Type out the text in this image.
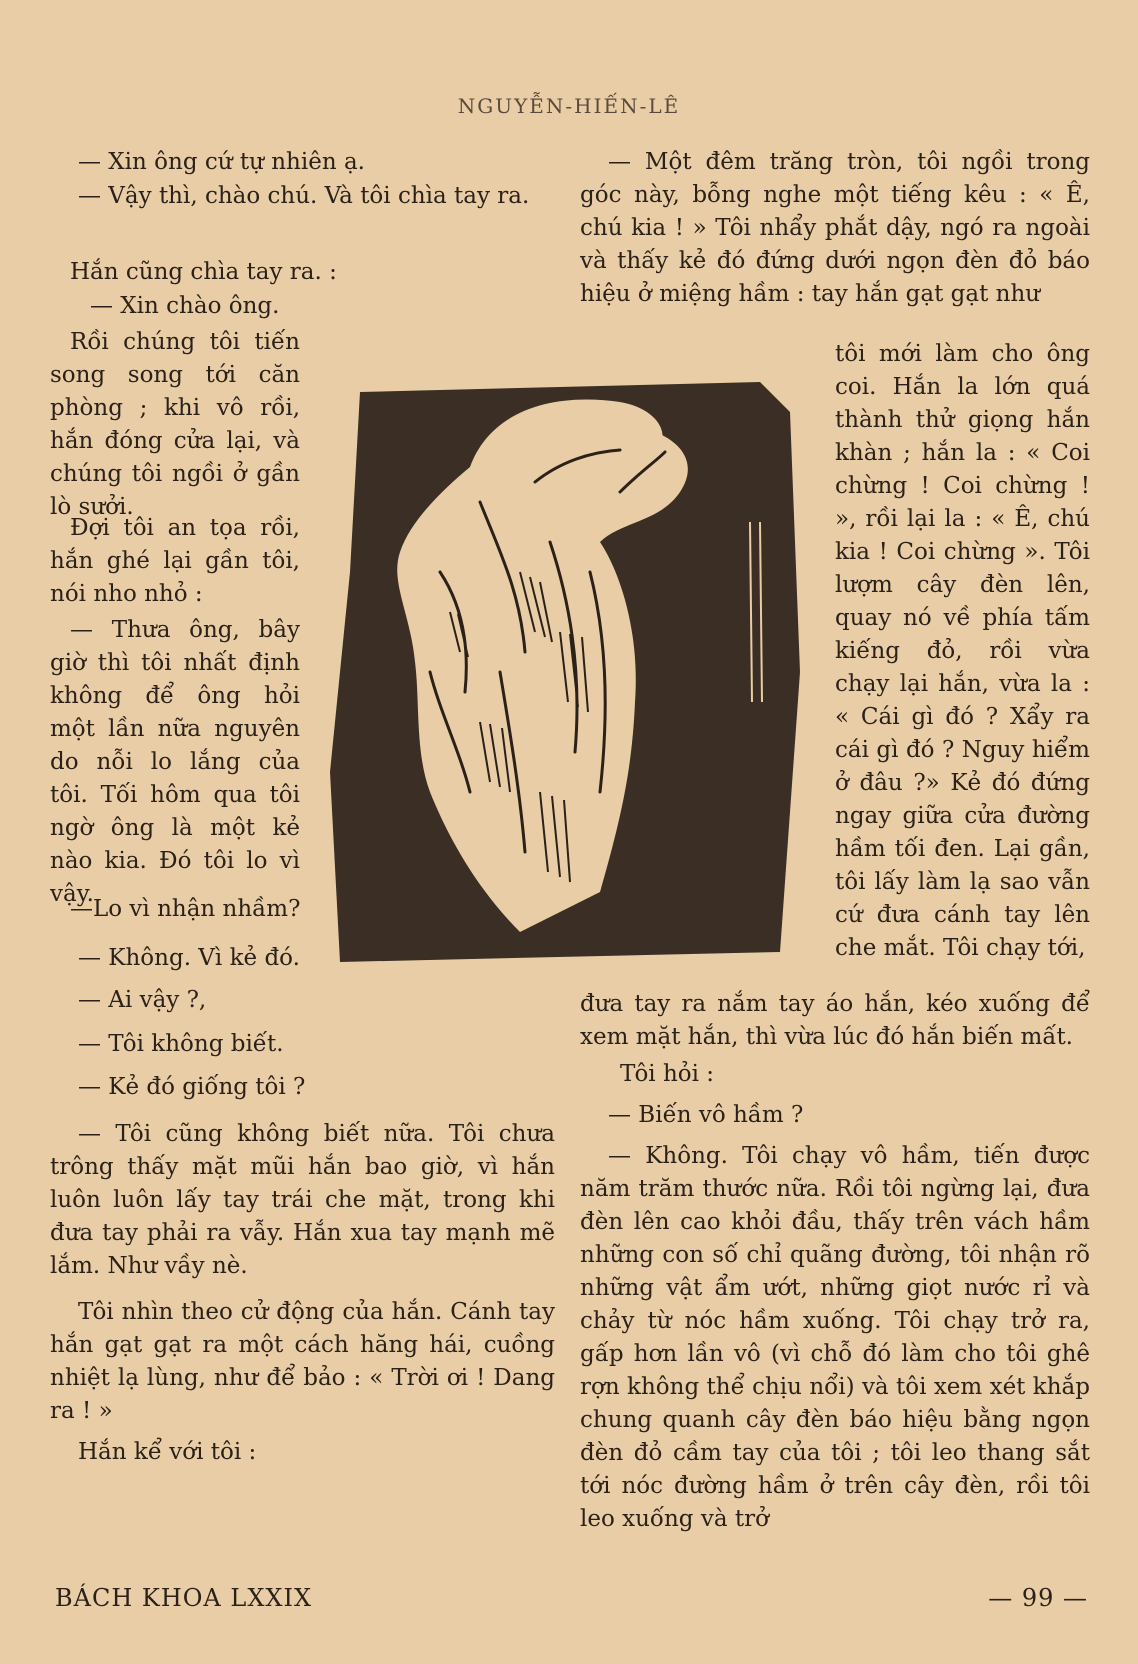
NGUYỄN-HIẾN-LÊ

— Xin ông cứ tự nhiên ạ.

— Vậy thì, chào chú. Và tôi chìa tay ra.

Hắn cũng chìa tay ra. :

— Xin chào ông.

Rồi chúng tôi tiến song song tới căn phòng ; khi vô rồi, hắn đóng cửa lại, và chúng tôi ngồi ở gần lò sưởi.

Đợi tôi an tọa rồi, hắn ghé lại gần tôi, nói nho nhỏ :

— Thưa ông, bây giờ thì tôi nhất định không để ông hỏi một lần nữa nguyên do nỗi lo lắng của tôi. Tối hôm qua tôi ngờ ông là một kẻ nào kia. Đó tôi lo vì vậy.

—Lo vì nhận nhầm?

— Không. Vì kẻ đó.

— Ai vậy ?,

— Tôi không biết.

— Kẻ đó giống tôi ?

— Tôi cũng không biết nữa. Tôi chưa trông thấy mặt mũi hắn bao giờ, vì hắn luôn luôn lấy tay trái che mặt, trong khi đưa tay phải ra vẫy. Hắn xua tay mạnh mẽ lắm. Như vầy nè.

Tôi nhìn theo cử động của hắn. Cánh tay hắn gạt gạt ra một cách hăng hái, cuồng nhiệt lạ lùng, như để bảo : « Trời ơi ! Dang ra ! »

Hắn kể với tôi :

— Một đêm trăng tròn, tôi ngồi trong góc này, bỗng nghe một tiếng kêu : « Ê, chú kia ! » Tôi nhẩy phắt dậy, ngó ra ngoài và thấy kẻ đó đứng dưới ngọn đèn đỏ báo hiệu ở miệng hầm : tay hắn gạt gạt như

tôi mới làm cho ông coi. Hắn la lớn quá thành thử giọng hắn khàn ; hắn la : « Coi chừng ! Coi chừng ! », rồi lại la : « Ê, chú kia ! Coi chừng ». Tôi lượm cây đèn lên, quay nó về phía tấm kiếng đỏ, rồi vừa chạy lại hắn, vừa la : « Cái gì đó ? Xẩy ra cái gì đó ? Nguy hiểm ở đâu ?» Kẻ đó đứng ngay giữa cửa đường hầm tối đen. Lại gần, tôi lấy làm lạ sao vẫn cứ đưa cánh tay lên che mắt. Tôi chạy tới,

đưa tay ra nắm tay áo hắn, kéo xuống để xem mặt hắn, thì vừa lúc đó hắn biến mất.

Tôi hỏi :

— Biến vô hầm ?

— Không. Tôi chạy vô hầm, tiến được năm trăm thước nữa. Rồi tôi ngừng lại, đưa đèn lên cao khỏi đầu, thấy trên vách hầm những con số chỉ quãng đường, tôi nhận rõ những vật ẩm ướt, những giọt nước rỉ và chảy từ nóc hầm xuống. Tôi chạy trở ra, gấp hơn lần vô (vì chỗ đó làm cho tôi ghê rợn không thể chịu nổi) và tôi xem xét khắp chung quanh cây đèn báo hiệu bằng ngọn đèn đỏ cầm tay của tôi ; tôi leo thang sắt tới nóc đường hầm ở trên cây đèn, rồi tôi leo xuống và trở

BÁCH KHOA LXXIX	— 99 —
